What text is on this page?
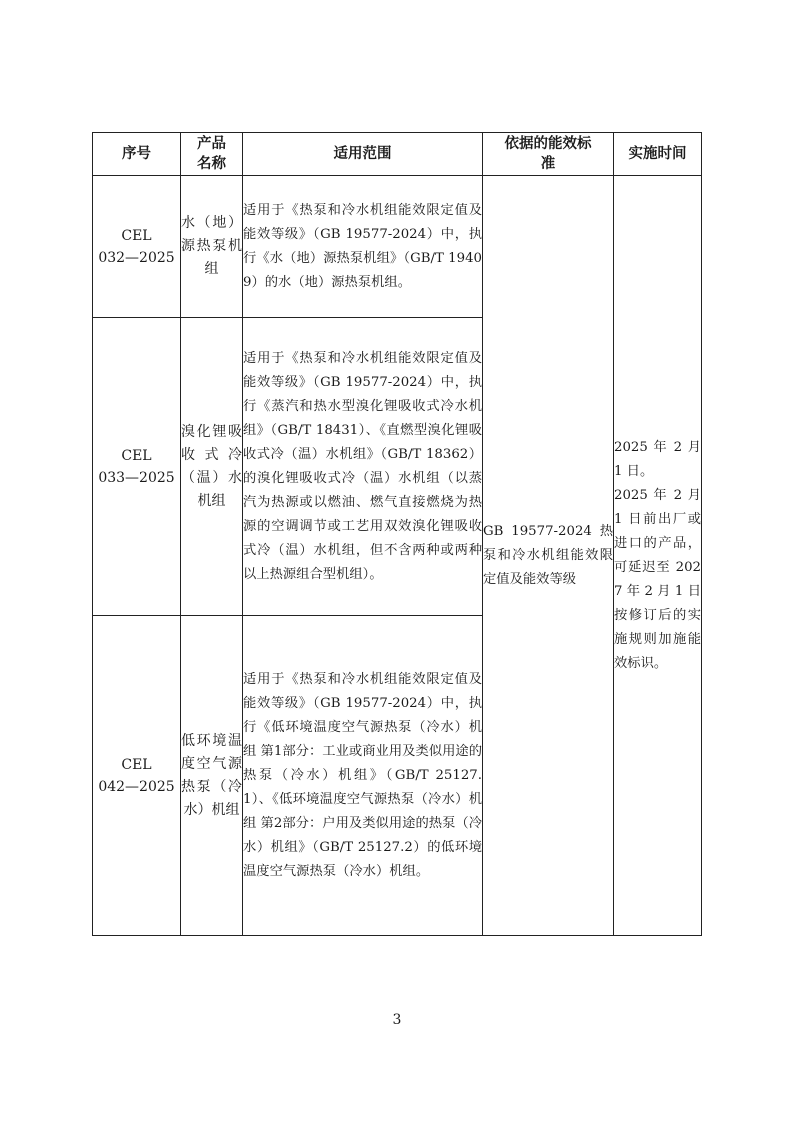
序号	产品名称	适用范围	依据的能效标准	实施时间

CEL
032—2025	水（地）源热泵机组	适用于《热泵和冷水机组能效限定值及能效等级》（GB 19577-2024）中，执行《水（地）源热泵机组》（GB/T 19409）的水（地）源热泵机组。	GB 19577-2024 热泵和冷水机组能效限定值及能效等级	2025 年 2 月 1 日。
2025 年 2 月 1 日前出厂或进口的产品，可延迟至 2027 年 2 月 1 日按修订后的实施规则加施能效标识。

CEL
033—2025	溴化锂吸收式冷（温）水机组	适用于《热泵和冷水机组能效限定值及能效等级》（GB 19577-2024）中，执行《蒸汽和热水型溴化锂吸收式冷水机组》（GB/T 18431）、《直燃型溴化锂吸收式冷（温）水机组》（GB/T 18362）的溴化锂吸收式冷（温）水机组（以蒸汽为热源或以燃油、燃气直接燃烧为热源的空调调节或工艺用双效溴化锂吸收式冷（温）水机组，但不含两种或两种以上热源组合型机组）。		

CEL
042—2025	低环境温度空气源热泵（冷水）机组	适用于《热泵和冷水机组能效限定值及能效等级》（GB 19577-2024）中，执行《低环境温度空气源热泵（冷水）机组 第1部分：工业或商业用及类似用途的热泵（冷水）机组》（GB/T 25127.1）、《低环境温度空气源热泵（冷水）机组 第2部分：户用及类似用途的热泵（冷水）机组》（GB/T 25127.2）的低环境温度空气源热泵（冷水）机组。		
3
